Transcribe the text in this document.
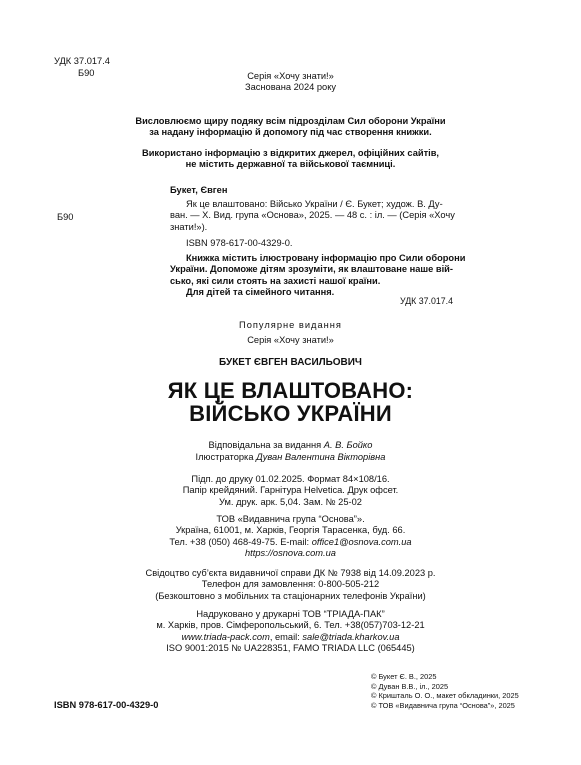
УДК 37.017.4
Б90	Серія «Хочу знати!»
Заснована 2024 року
Висловлюємо щиру подяку всім підрозділам Сил оборони України
за надану інформацію й допомогу під час створення книжки.
Використано інформацію з відкритих джерел, офіційних сайтів,
не містить державної та військової таємниці.
Букет, Євген
Б90
Як це влаштовано: Військо України / Є. Букет; худож. В. Ду-
ван. — Х. Вид. група «Основа», 2025. — 48 с. : іл. — (Серія «Хочу
знати!»).
ISBN 978-617-00-4329-0.
Книжка містить ілюстровану інформацію про Сили оборони
України. Допоможе дітям зрозуміти, як влаштоване наше вій-
сько, які сили стоять на захисті нашої країни.
Для дітей та сімейного читання.
УДК 37.017.4
Популярне видання
Серія «Хочу знати!»
БУКЕТ ЄВГЕН ВАСИЛЬОВИЧ
ЯК ЦЕ ВЛАШТОВАНО:
ВІЙСЬКО УКРАЇНИ
Відповідальна за видання А. В. Бойко
Ілюстраторка Дуван Валентина Вікторівна
Підп. до друку 01.02.2025. Формат 84×108/16.
Папір крейдяний. Гарнітура Helvetica. Друк офсет.
Ум. друк. арк. 5,04. Зам. № 25-02
ТОВ «Видавнича група “Основа”».
Україна, 61001, м. Харків, Георгія Тарасенка, буд. 66.
Тел. +38 (050) 468-49-75. E-mail: office1@osnova.com.ua
https://osnova.com.ua
Свідоцтво суб’єкта видавничої справи ДК № 7938 від 14.09.2023 р.
Телефон для замовлення: 0-800-505-212
(Безкоштовно з мобільних та стаціонарних телефонів України)
Надруковано у друкарні ТОВ “ТРІАДА-ПАК”
м. Харків, пров. Сімферопольський, 6. Тел. +38(057)703-12-21
www.triada-pack.com, email: sale@triada.kharkov.ua
ISO 9001:2015 № UA228351, FAMO TRIADA LLC (065445)
ISBN 978-617-00-4329-0
© Букет Є. В., 2025
© Дуван В.В., іл., 2025
© Кришталь О. О., макет обкладинки, 2025
© ТОВ «Видавнича група “Основа”», 2025
